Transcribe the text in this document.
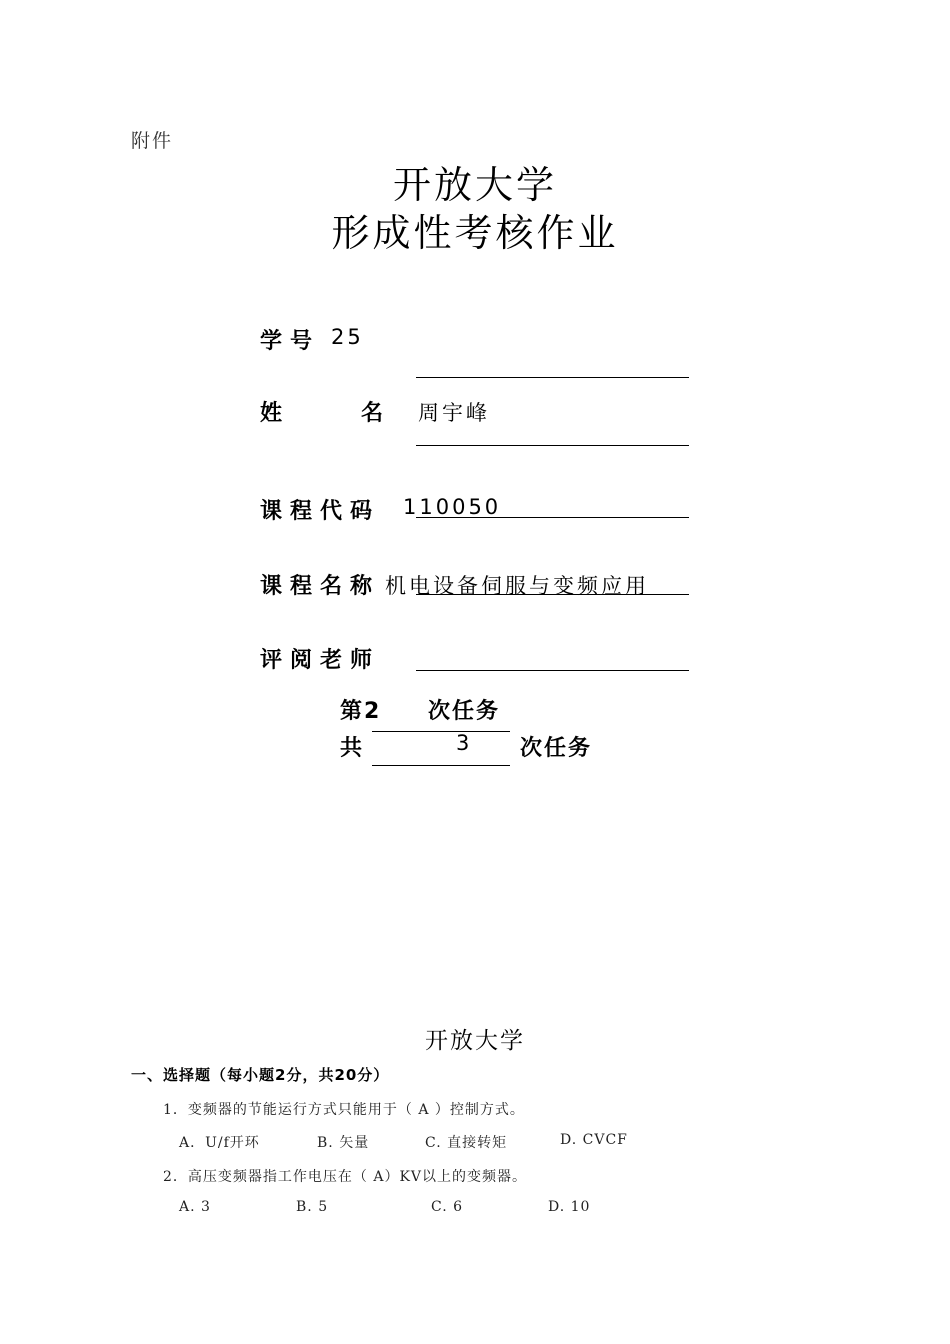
附件
开放大学
形成性考核作业
学号 25
姓	名 周宇峰
课程代码 110050
课程名称 机电设备伺服与变频应用
评阅老师
第2 次任务
共	3 次任务
开放大学
一、选择题（每小题2分，共20分）
1．变频器的节能运行方式只能用于（ A ）控制方式。
A．U/f开环	B. 矢量	C. 直接转矩	D. CVCF
2．高压变频器指工作电压在（ A）KV以上的变频器。
A. 3	B. 5	C. 6	D. 10
